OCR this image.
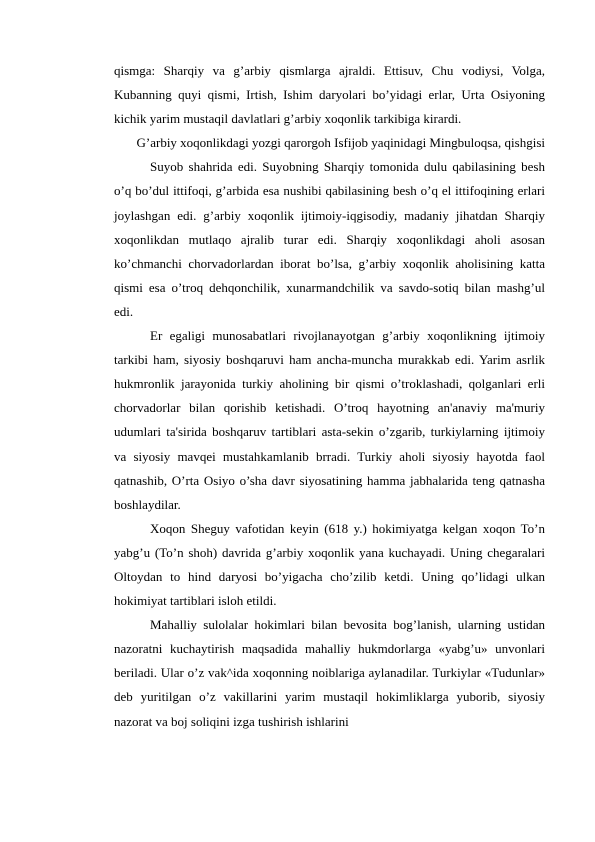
qismga: Sharqiy va g’arbiy qismlarga ajraldi. Ettisuv, Chu vodiysi, Volga, Kubanning quyi qismi, Irtish, Ishim daryolari bo’yidagi erlar, Urta Osiyoning kichik yarim mustaqil davlatlari g’arbiy xoqonlik tarkibiga kirardi.

G’arbiy xoqonlikdagi yozgi qarorgoh Isfijob yaqinidagi Mingbuloqsa, qishgisi

Suyob shahrida edi. Suyobning Sharqiy tomonida dulu qabilasining besh o’q bo’dul ittifoqi, g’arbida esa nushibi qabilasining besh o’q el ittifoqining erlari joylashgan edi. g’arbiy xoqonlik ijtimoiy-iqgisodiy, madaniy jihatdan Sharqiy xoqonlikdan mutlaqo ajralib turar edi. Sharqiy xoqonlikdagi aholi asosan ko’chmanchi chorvadorlardan iborat bo’lsa, g’arbiy xoqonlik aholisining katta qismi esa o’troq dehqonchilik, xunarmandchilik va savdo-sotiq bilan mashg’ul edi.

Er egaligi munosabatlari rivojlanayotgan g’arbiy xoqonlikning ijtimoiy tarkibi ham, siyosiy boshqaruvi ham ancha-muncha murakkab edi. Yarim asrlik hukmronlik jarayonida turkiy aholining bir qismi o’troklashadi, qolganlari erli chorvadorlar bilan qorishib ketishadi. O’troq hayotning an'anaviy ma'muriy udumlari ta'sirida boshqaruv tartiblari asta-sekin o’zgarib, turkiylarning ijtimoiy va siyosiy mavqei mustahkamlanib brradi. Turkiy aholi siyosiy hayotda faol qatnashib, O’rta Osiyo o’sha davr siyosatining hamma jabhalarida teng qatnasha boshlaydilar.

Xoqon Sheguy vafotidan keyin (618 y.) hokimiyatga kelgan xoqon To’n yabg’u (To’n shoh) davrida g’arbiy xoqonlik yana kuchayadi. Uning chegaralari Oltoydan to hind daryosi bo’yigacha cho’zilib ketdi. Uning qo’lidagi ulkan hokimiyat tartiblari isloh etildi.

Mahalliy sulolalar hokimlari bilan bevosita bog’lanish, ularning ustidan nazoratni kuchaytirish maqsadida mahalliy hukmdorlarga «yabg’u» unvonlari beriladi. Ular o’z vak^ida xoqonning noiblariga aylanadilar. Turkiylar «Tudunlar» deb yuritilgan o’z vakillarini yarim mustaqil hokimliklarga yuborib, siyosiy nazorat va boj soliqini izga tushirish ishlarini
